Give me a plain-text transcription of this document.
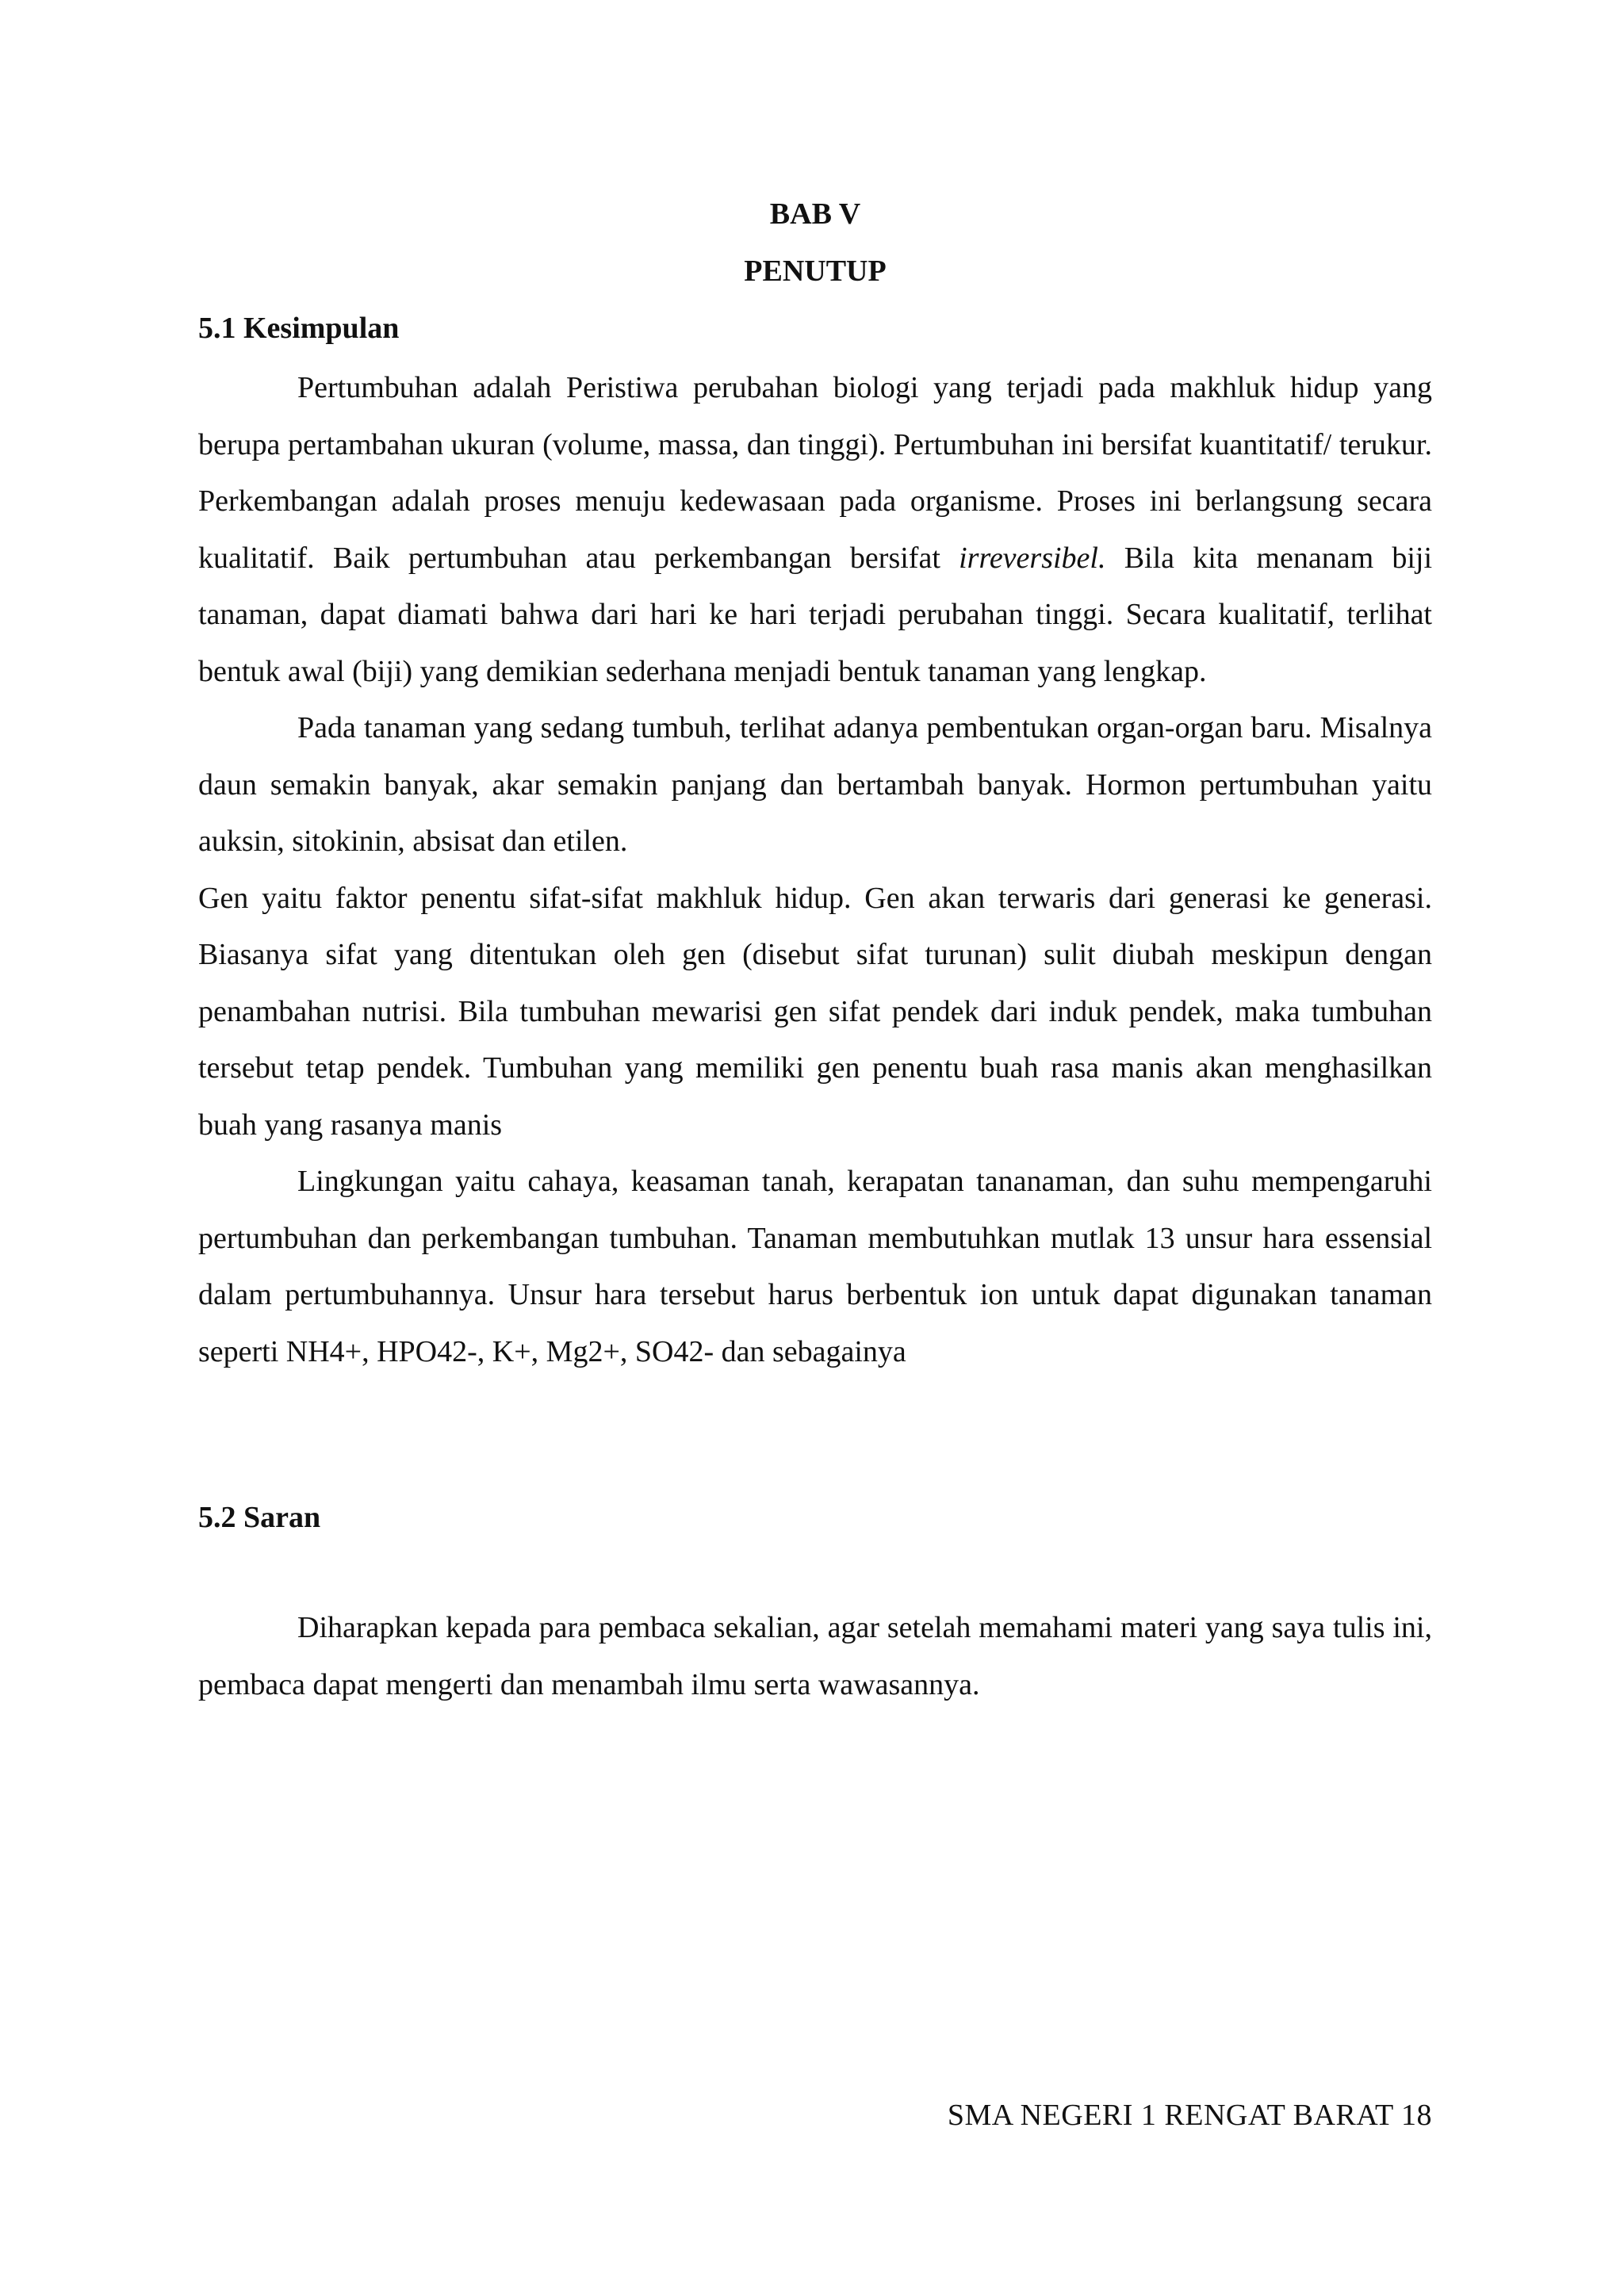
BAB V
PENUTUP
5.1 Kesimpulan

Pertumbuhan adalah Peristiwa perubahan biologi yang terjadi pada makhluk hidup yang berupa pertambahan ukuran (volume, massa, dan tinggi). Pertumbuhan ini bersifat kuantitatif/ terukur. Perkembangan adalah proses menuju kedewasaan pada organisme. Proses ini berlangsung secara kualitatif. Baik pertumbuhan atau perkembangan bersifat irreversibel. Bila kita menanam biji tanaman, dapat diamati bahwa dari hari ke hari terjadi perubahan tinggi. Secara kualitatif, terlihat bentuk awal (biji) yang demikian sederhana menjadi bentuk tanaman yang lengkap.

Pada tanaman yang sedang tumbuh, terlihat adanya pembentukan organ-organ baru. Misalnya daun semakin banyak, akar semakin panjang dan bertambah banyak. Hormon pertumbuhan yaitu auksin, sitokinin, absisat dan etilen.

Gen yaitu faktor penentu sifat-sifat makhluk hidup. Gen akan terwaris dari generasi ke generasi. Biasanya sifat yang ditentukan oleh gen (disebut sifat turunan) sulit diubah meskipun dengan penambahan nutrisi. Bila tumbuhan mewarisi gen sifat pendek dari induk pendek, maka tumbuhan tersebut tetap pendek. Tumbuhan yang memiliki gen penentu buah rasa manis akan menghasilkan buah yang rasanya manis

Lingkungan yaitu cahaya, keasaman tanah, kerapatan tananaman, dan suhu mempengaruhi pertumbuhan dan perkembangan tumbuhan. Tanaman membutuhkan mutlak 13 unsur hara essensial dalam pertumbuhannya. Unsur hara tersebut harus berbentuk ion untuk dapat digunakan tanaman seperti NH4+, HPO42-, K+, Mg2+, SO42- dan sebagainya

5.2 Saran

Diharapkan kepada para pembaca sekalian, agar setelah memahami materi yang saya tulis ini, pembaca dapat mengerti dan menambah ilmu serta wawasannya.

SMA NEGERI 1 RENGAT BARAT 18
